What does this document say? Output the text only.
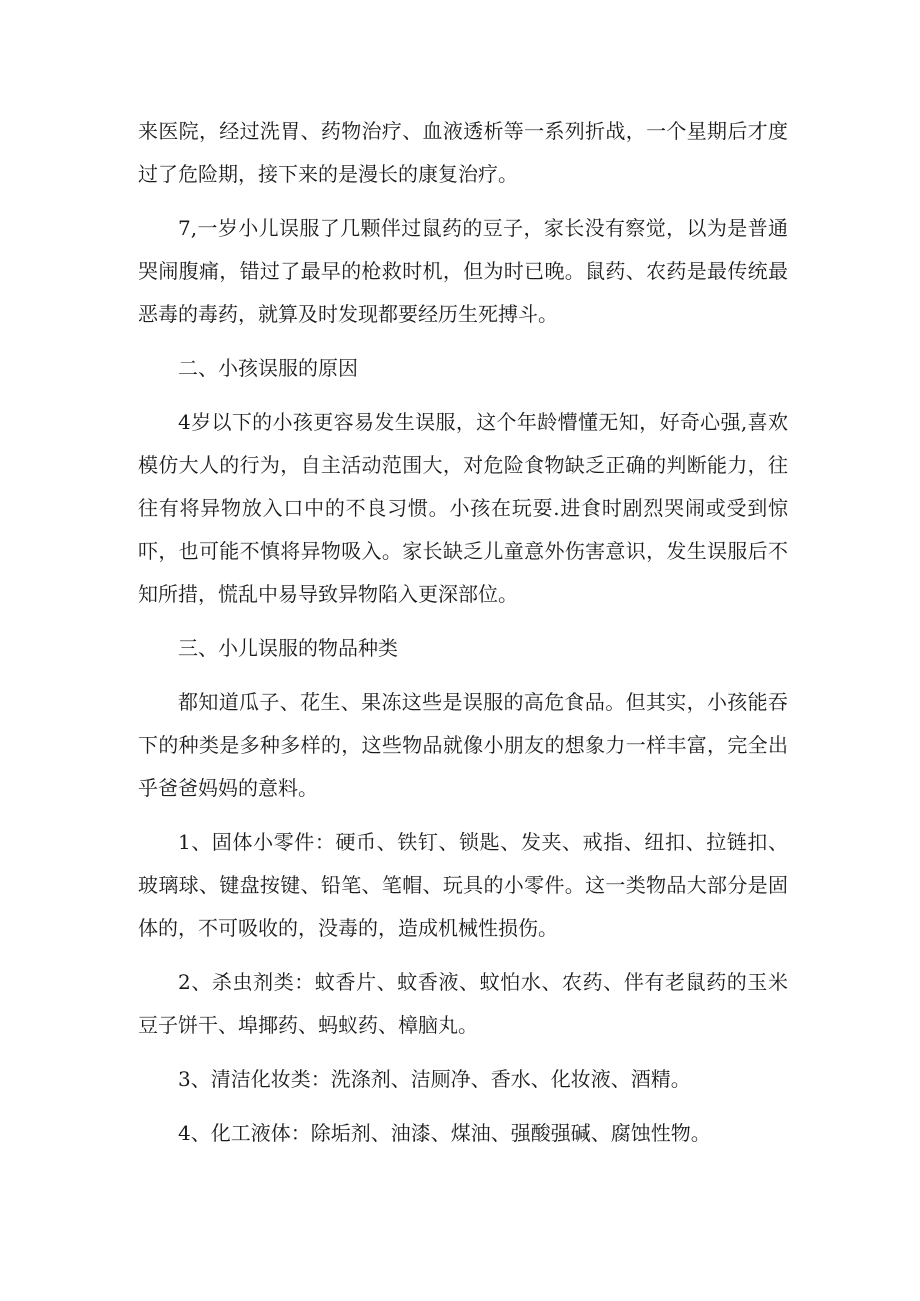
来医院，经过洗胃、药物治疗、血液透析等一系列折战，一个星期后才度过了危险期，接下来的是漫长的康复治疗。

7,一岁小儿误服了几颗伴过鼠药的豆子，家长没有察觉，以为是普通哭闹腹痛，错过了最早的枪救时机，但为时已晚。鼠药、农药是最传统最恶毒的毒药，就算及时发现都要经历生死搏斗。

二、小孩误服的原因

4岁以下的小孩更容易发生误服，这个年龄懵懂无知，好奇心强,喜欢模仿大人的行为，自主活动范围大，对危险食物缺乏正确的判断能力，往往有将异物放入口中的不良习惯。小孩在玩耍.进食时剧烈哭闹或受到惊吓，也可能不慎将异物吸入。家长缺乏儿童意外伤害意识，发生误服后不知所措，慌乱中易导致异物陷入更深部位。

三、小儿误服的物品种类

都知道瓜子、花生、果冻这些是误服的高危食品。但其实，小孩能吞下的种类是多种多样的，这些物品就像小朋友的想象力一样丰富，完全出乎爸爸妈妈的意料。

1、固体小零件：硬币、铁钉、锁匙、发夹、戒指、纽扣、拉链扣、玻璃球、键盘按键、铅笔、笔帽、玩具的小零件。这一类物品大部分是固体的，不可吸收的，没毒的，造成机械性损伤。

2、杀虫剂类：蚊香片、蚊香液、蚊怕水、农药、伴有老鼠药的玉米豆子饼干、埠揶药、蚂蚁药、樟脑丸。

3、清洁化妆类：洗涤剂、洁厕净、香水、化妆液、酒精。

4、化工液体：除垢剂、油漆、煤油、强酸强碱、腐蚀性物。
